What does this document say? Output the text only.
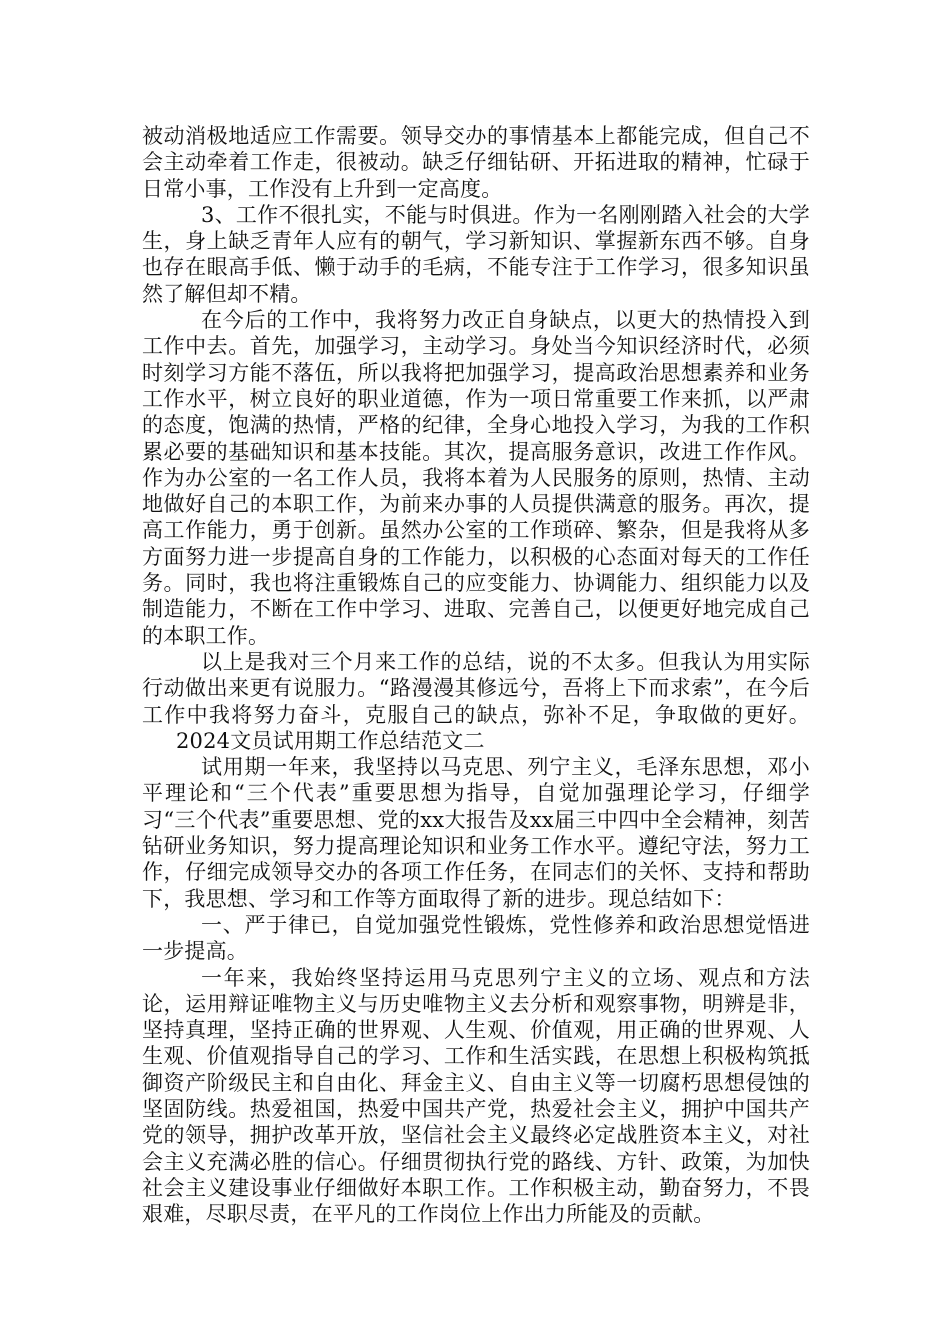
被动消极地适应工作需要。领导交办的事情基本上都能完成，但自己不会主动牵着工作走，很被动。缺乏仔细钻研、开拓进取的精神，忙碌于日常小事，工作没有上升到一定高度。

3、工作不很扎实，不能与时俱进。作为一名刚刚踏入社会的大学生，身上缺乏青年人应有的朝气，学习新知识、掌握新东西不够。自身也存在眼高手低、懒于动手的毛病，不能专注于工作学习，很多知识虽然了解但却不精。

在今后的工作中，我将努力改正自身缺点，以更大的热情投入到工作中去。首先，加强学习，主动学习。身处当今知识经济时代，必须时刻学习方能不落伍，所以我将把加强学习，提高政治思想素养和业务工作水平，树立良好的职业道德，作为一项日常重要工作来抓，以严肃的态度，饱满的热情，严格的纪律，全身心地投入学习，为我的工作积累必要的基础知识和基本技能。其次，提高服务意识，改进工作作风。作为办公室的一名工作人员，我将本着为人民服务的原则，热情、主动地做好自己的本职工作，为前来办事的人员提供满意的服务。再次，提高工作能力，勇于创新。虽然办公室的工作琐碎、繁杂，但是我将从多方面努力进一步提高自身的工作能力，以积极的心态面对每天的工作任务。同时，我也将注重锻炼自己的应变能力、协调能力、组织能力以及制造能力，不断在工作中学习、进取、完善自己，以便更好地完成自己的本职工作。

以上是我对三个月来工作的总结，说的不太多。但我认为用实际行动做出来更有说服力。“路漫漫其修远兮，吾将上下而求索”，在今后工作中我将努力奋斗，克服自己的缺点，弥补不足，争取做的更好。2024文员试用期工作总结范文二

试用期一年来，我坚持以马克思、列宁主义，毛泽东思想，邓小平理论和“三个代表”重要思想为指导，自觉加强理论学习，仔细学习“三个代表”重要思想、党的xx大报告及xx届三中四中全会精神，刻苦钻研业务知识，努力提高理论知识和业务工作水平。遵纪守法，努力工作，仔细完成领导交办的各项工作任务，在同志们的关怀、支持和帮助下，我思想、学习和工作等方面取得了新的进步。现总结如下：

一、严于律已，自觉加强党性锻炼，党性修养和政治思想觉悟进一步提高。

一年来，我始终坚持运用马克思列宁主义的立场、观点和方法论，运用辩证唯物主义与历史唯物主义去分析和观察事物，明辨是非，坚持真理，坚持正确的世界观、人生观、价值观，用正确的世界观、人生观、价值观指导自己的学习、工作和生活实践，在思想上积极构筑抵御资产阶级民主和自由化、拜金主义、自由主义等一切腐朽思想侵蚀的坚固防线。热爱祖国，热爱中国共产党，热爱社会主义，拥护中国共产党的领导，拥护改革开放，坚信社会主义最终必定战胜资本主义，对社会主义充满必胜的信心。仔细贯彻执行党的路线、方针、政策，为加快社会主义建设事业仔细做好本职工作。工作积极主动，勤奋努力，不畏艰难，尽职尽责，在平凡的工作岗位上作出力所能及的贡献。
